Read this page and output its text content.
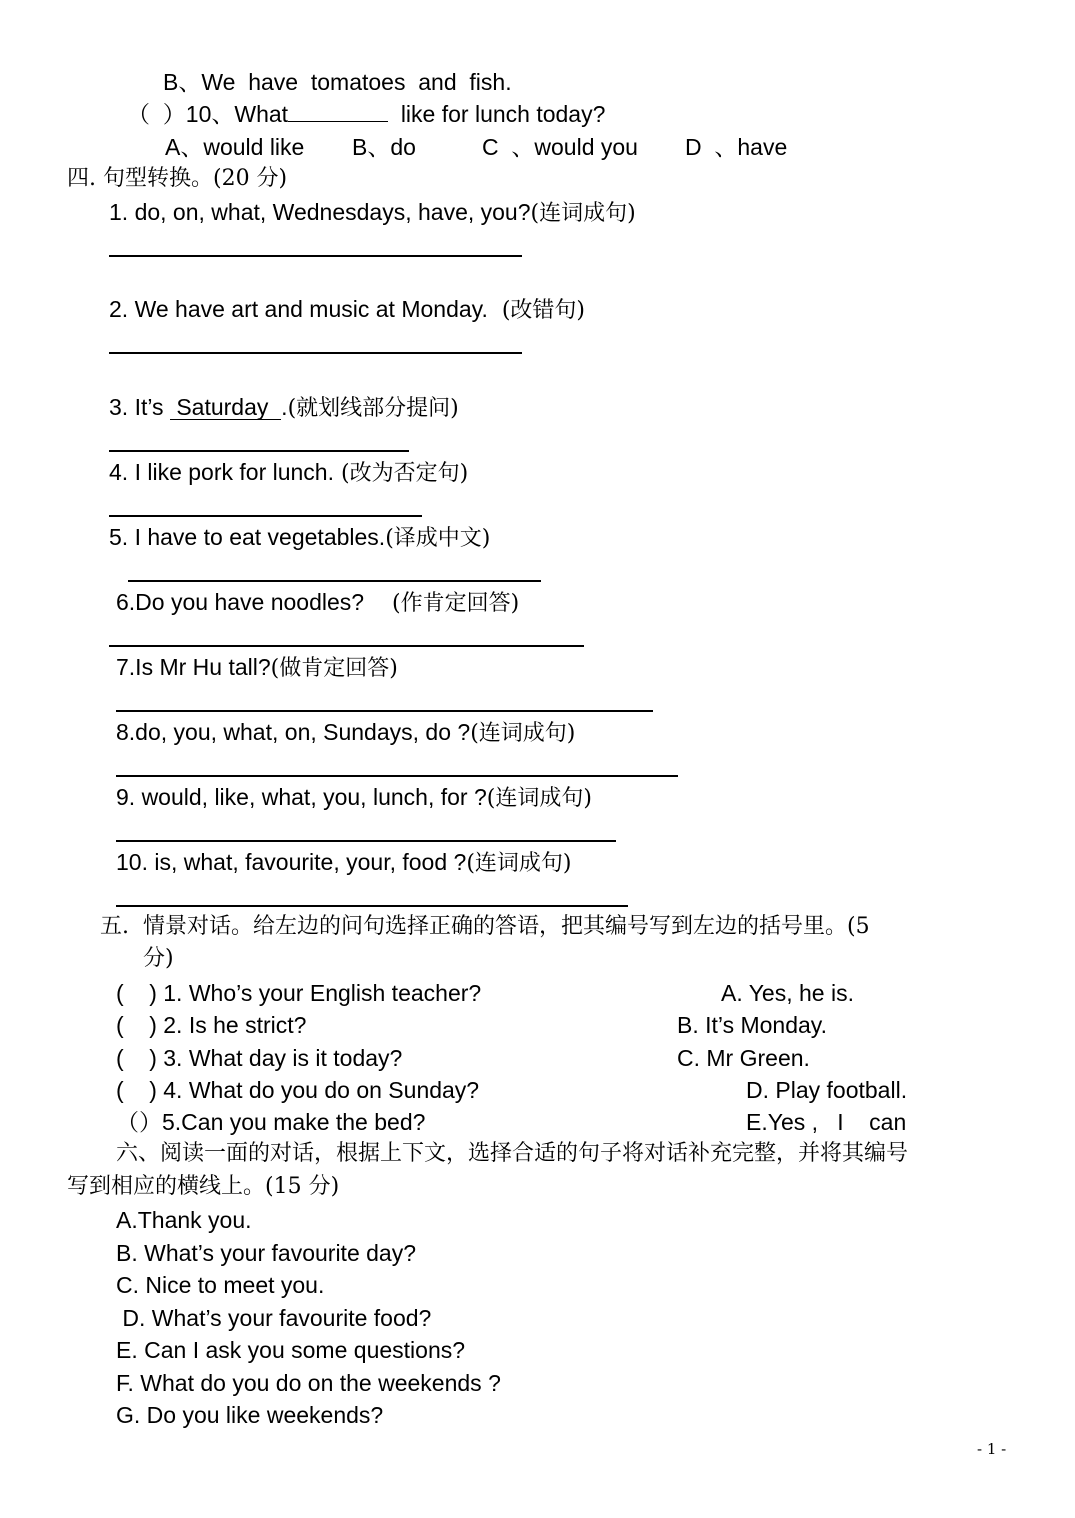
B、We  have  tomatoes  and  fish.
（  ）10、What	like for lunch today?
A、would like B、do	C  、would you D  、have
四. 句型转换。(20 分)
1. do, on, what, Wednesdays, have, you?(连词成句)
2. We have art and music at Monday.  (改错句)
3. It’s  Saturday  .(就划线部分提问)
4. I like pork for lunch. (改为否定句)
5. I have to eat vegetables.(译成中文)
6.Do you have noodles?    (作肯定回答)
7.Is Mr Hu tall?(做肯定回答)
8.do, you, what, on, Sundays, do ?(连词成句)
9. would, like, what, you, lunch, for ?(连词成句)
10. is, what, favourite, your, food ?(连词成句)
五.  情景对话。给左边的问句选择正确的答语，把其编号写到左边的括号里。(5
分)
(    ) 1. Who’s your English teacher?
(    ) 2. Is he strict?
(    ) 3. What day is it today?
(    ) 4. What do you do on Sunday?
（）5.Can you make the bed?
A. Yes, he is.
B. It’s Monday.
C. Mr Green.
D. Play football.
E.Yes ,   I    can
六、阅读一面的对话，根据上下文，选择合适的句子将对话补充完整，并将其编号
写到相应的横线上。(15 分)
A.Thank you.
B. What’s your favourite day?
C. Nice to meet you.
D. What’s your favourite food?
E. Can I ask you some questions?
F. What do you do on the weekends ?
G. Do you like weekends?
- 1 -
